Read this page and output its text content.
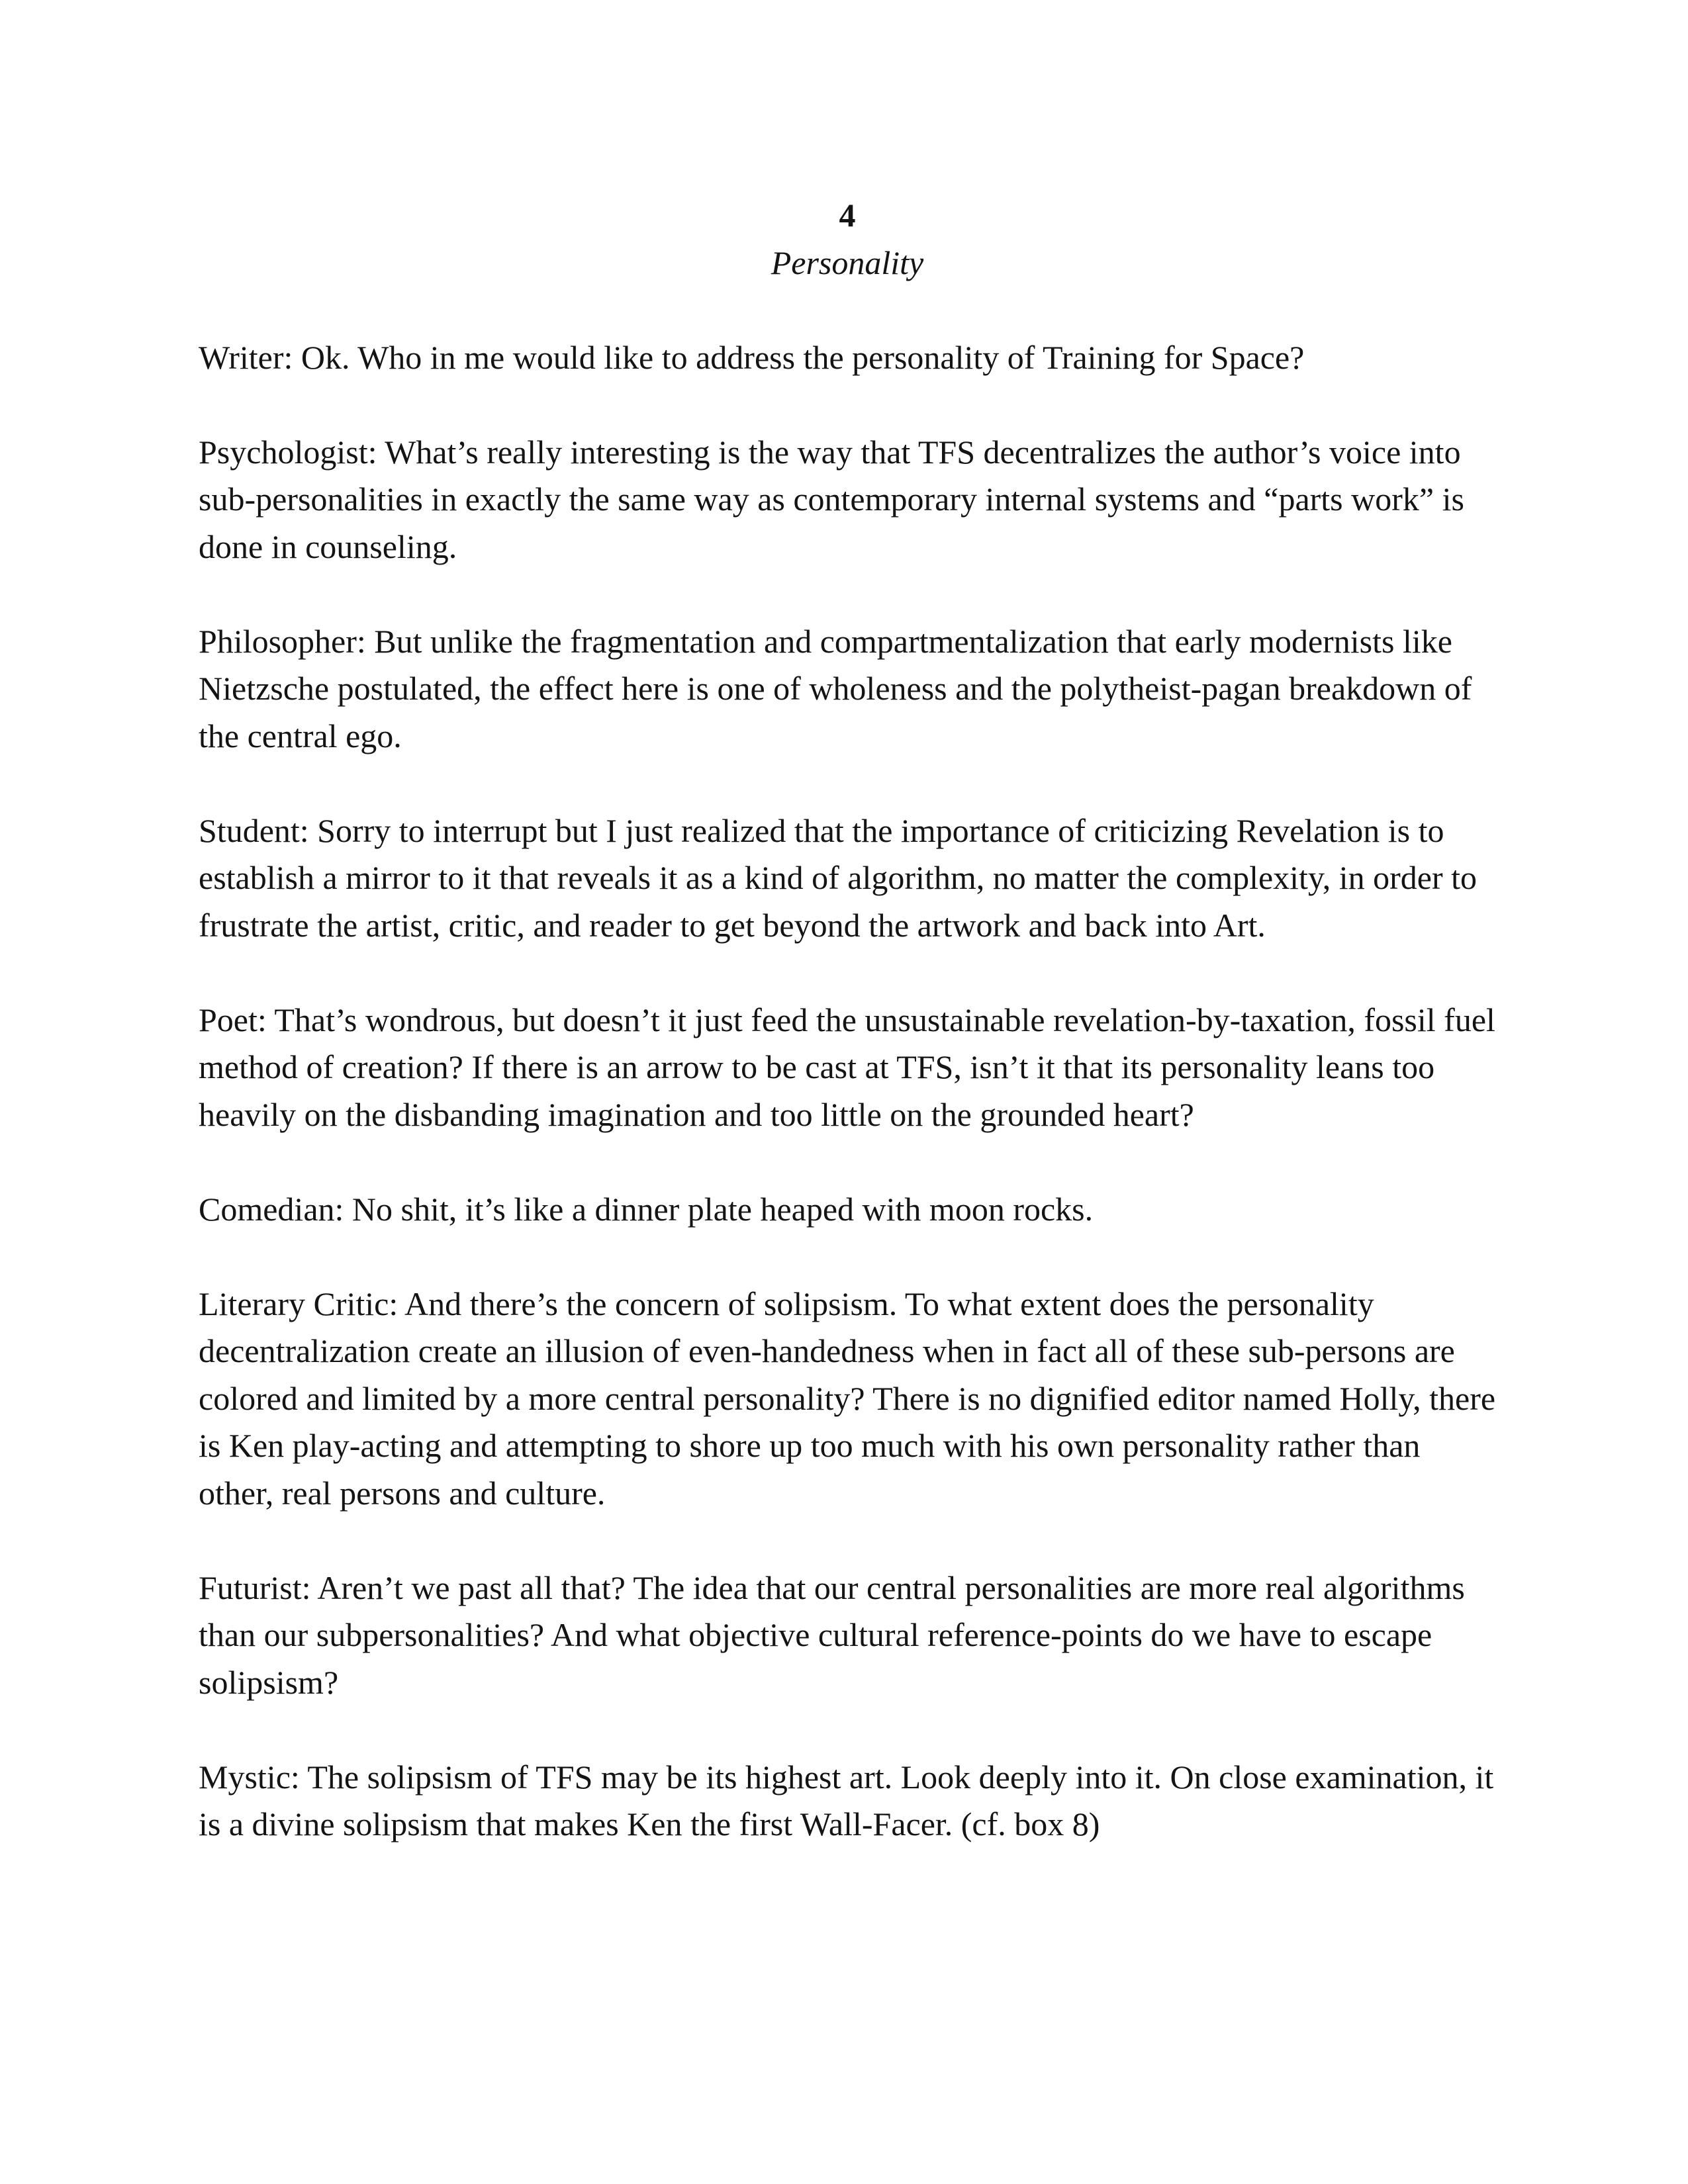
4

Personality

Writer: Ok. Who in me would like to address the personality of Training for Space?

Psychologist: What’s really interesting is the way that TFS decentralizes the author’s voice into sub-personalities in exactly the same way as contemporary internal systems and “parts work” is done in counseling.

Philosopher: But unlike the fragmentation and compartmentalization that early modernists like Nietzsche postulated, the effect here is one of wholeness and the polytheist-pagan breakdown of the central ego.

Student: Sorry to interrupt but I just realized that the importance of criticizing Revelation is to establish a mirror to it that reveals it as a kind of algorithm, no matter the complexity, in order to frustrate the artist, critic, and reader to get beyond the artwork and back into Art.

Poet: That’s wondrous, but doesn’t it just feed the unsustainable revelation-by-taxation, fossil fuel method of creation? If there is an arrow to be cast at TFS, isn’t it that its personality leans too heavily on the disbanding imagination and too little on the grounded heart?

Comedian: No shit, it’s like a dinner plate heaped with moon rocks.

Literary Critic: And there’s the concern of solipsism. To what extent does the personality decentralization create an illusion of even-handedness when in fact all of these sub-persons are colored and limited by a more central personality? There is no dignified editor named Holly, there is Ken play-acting and attempting to shore up too much with his own personality rather than other, real persons and culture.

Futurist: Aren’t we past all that? The idea that our central personalities are more real algorithms than our subpersonalities? And what objective cultural reference-points do we have to escape solipsism?

Mystic: The solipsism of TFS may be its highest art. Look deeply into it. On close examination, it is a divine solipsism that makes Ken the first Wall-Facer. (cf. box 8)
